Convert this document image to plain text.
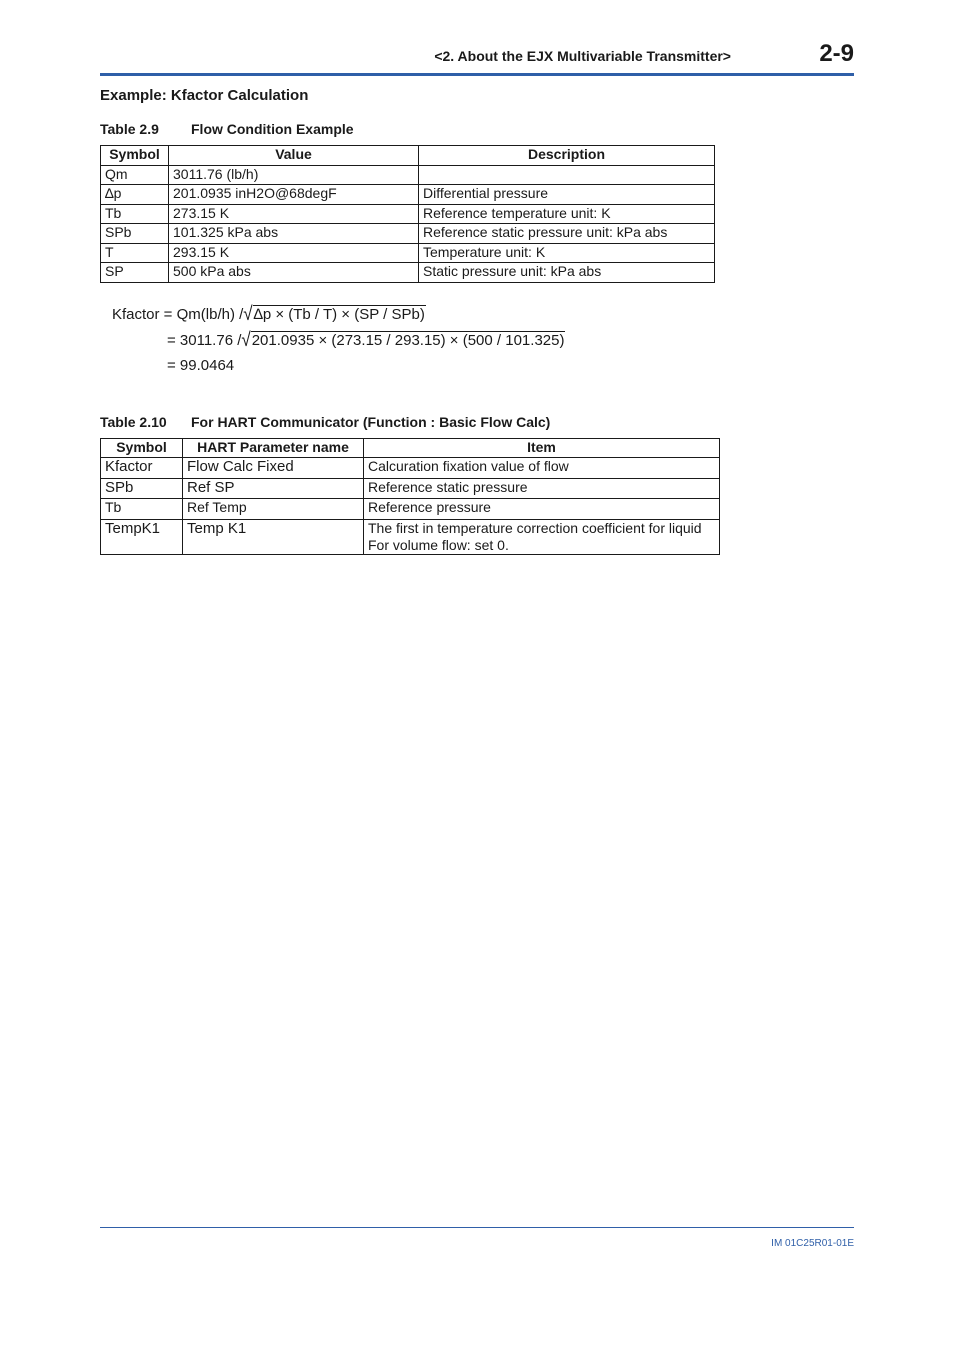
<2. About the EJX Multivariable Transmitter>	2-9
Example: Kfactor Calculation
Table 2.9 Flow Condition Example
Symbol	Value	Description
Qm	3011.76 (lb/h)	
∆p	201.0935 inH2O@68degF	Differential pressure
Tb	273.15 K	Reference temperature unit: K
SPb	101.325 kPa abs	Reference static pressure unit: kPa abs
T	293.15 K	Temperature unit: K
SP	500 kPa abs	Static pressure unit: kPa abs
Kfactor = Qm(lb/h) /√∆p × (Tb / T) × (SP / SPb)
= 3011.76 /√201.0935 × (273.15 / 293.15) × (500 / 101.325)
= 99.0464
Table 2.10 For HART Communicator (Function : Basic Flow Calc)
Symbol	HART Parameter name	Item
Kfactor	Flow Calc Fixed	Calcuration fixation value of flow
SPb	Ref SP	Reference static pressure
Tb	Ref Temp	Reference pressure
TempK1	Temp K1	The first in temperature correction coefficient for liquid
For volume flow: set 0.
IM 01C25R01-01E
